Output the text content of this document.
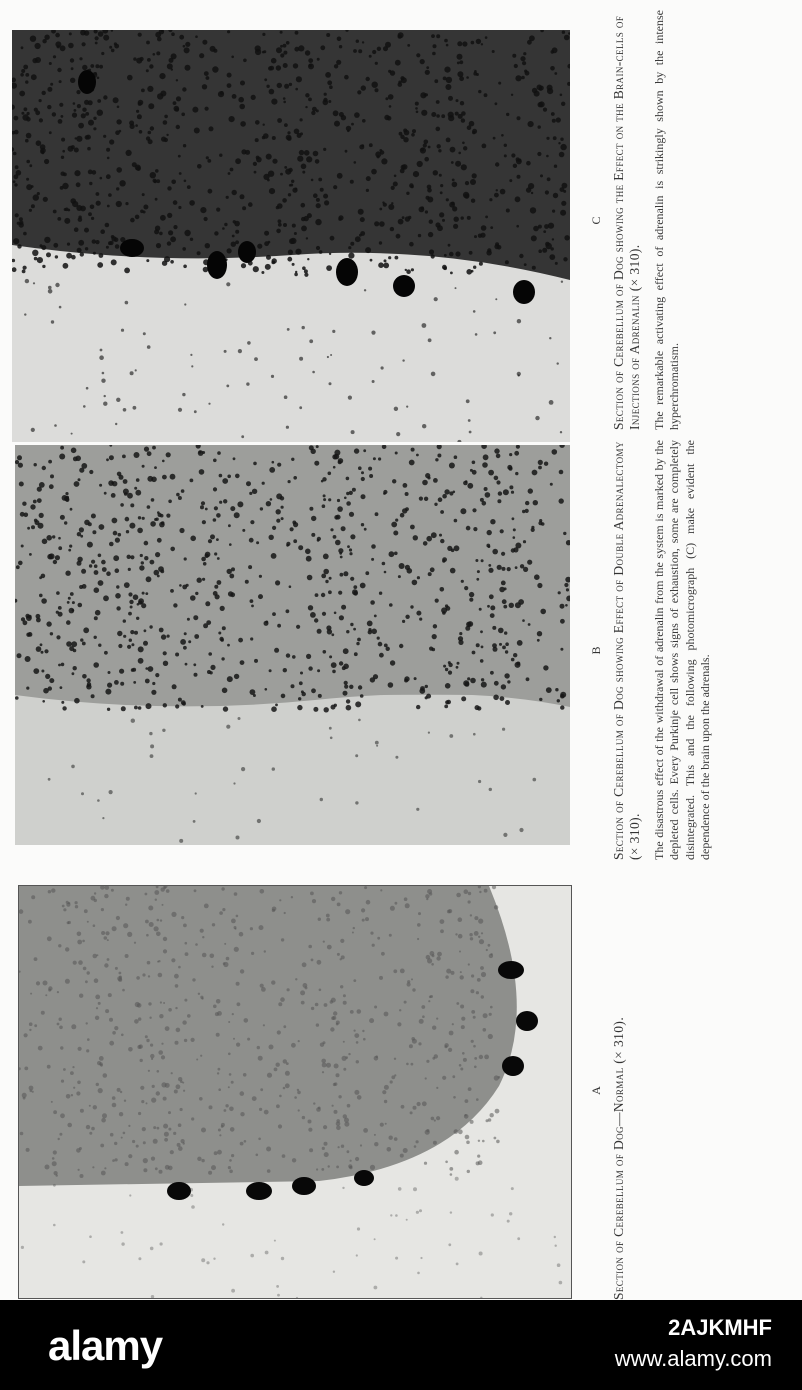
A Section of Cerebellum of Dog—Normal (× 310).
B Section of Cerebellum of Dog showing Effect of Double Adrenalectomy (× 310). The disastrous effect of the withdrawal of adrenalin from the system is marked by the depleted cells. Every Purkinje cell shows signs of exhaustion, some are completely disintegrated. This and the following photomicrograph (C) make evident the dependence of the brain upon the adrenals.
C Section of Cerebellum of Dog showing the Effect on the Brain-cells of Injections of Adrenalin (× 310). The remarkable activating effect of adrenalin is strikingly shown by the intense hyperchromatism.
alamy	2AJKMHF
www.alamy.com
